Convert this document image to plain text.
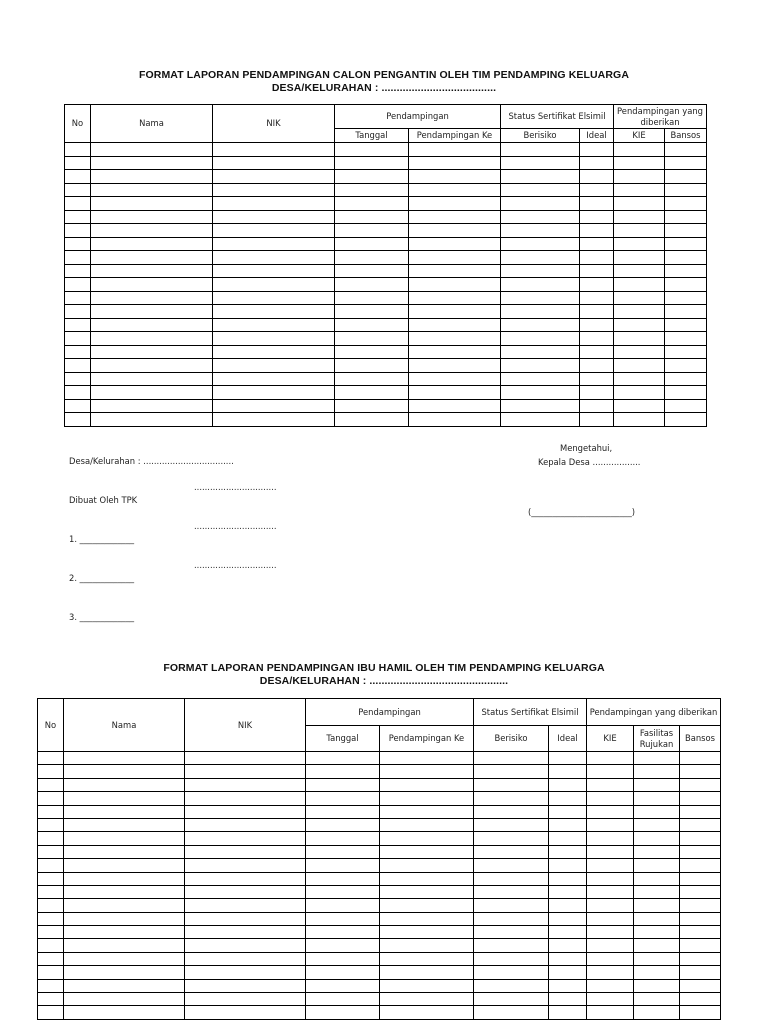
FORMAT LAPORAN PENDAMPINGAN CALON PENGANTIN OLEH TIM PENDAMPING KELUARGA
DESA/KELURAHAN : ......................................
No	Nama	NIK	Pendampingan		Status Sertifikat Elsimil		Pendampingan yang diberikan	
			Tanggal	Pendampingan Ke	Berisiko	Ideal	KIE	Bansos

Desa/Kelurahan : ..................................

Dibuat Oleh TPK

1. _____________

2. _____________

3. _____________

...............................

...............................

...............................

Mengetahui,
Kepala Desa ..................
(________________________)
FORMAT LAPORAN PENDAMPINGAN IBU HAMIL OLEH TIM PENDAMPING KELUARGA
DESA/KELURAHAN : ..............................................
No	Nama	NIK	Pendampingan		Status Sertifikat Elsimil		Pendampingan yang diberikan		
			Tanggal	Pendampingan Ke	Berisiko	Ideal	KIE	Fasilitas Rujukan	Bansos
